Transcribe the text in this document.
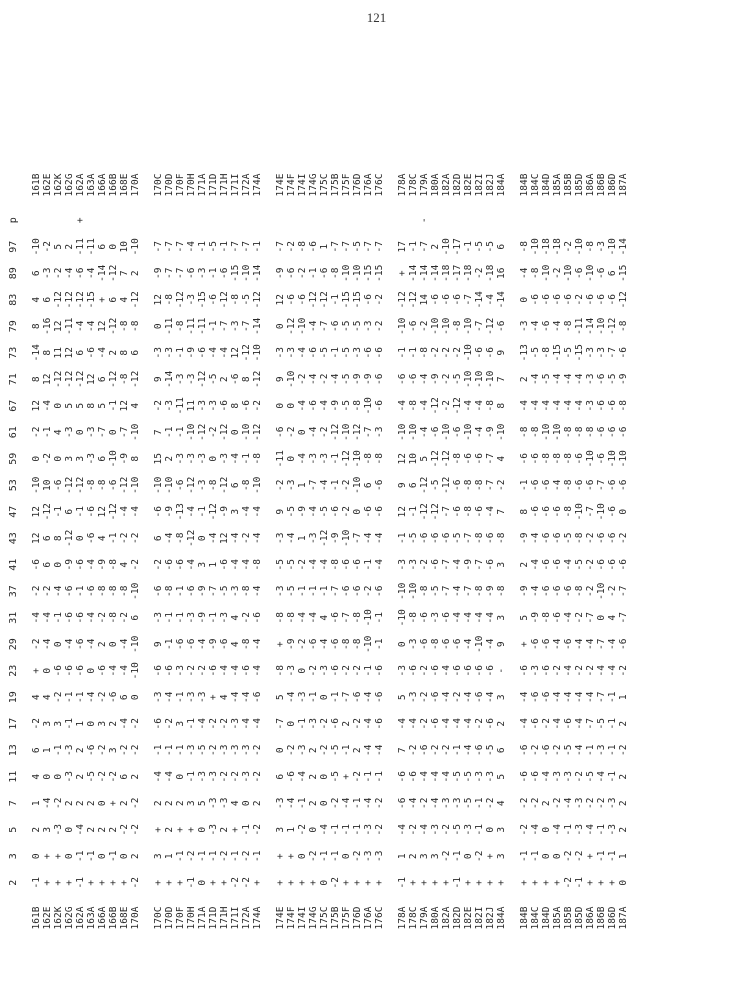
121
2
3
5
7
11
13
17
19
23
29
31
37
41
43
47
53
59
61
67
71
73
79
83
89
97
p
161B
-1
0
2
1
4
6
-2
4
+
-2
-4
-2
-6
12
12
-10
0
-2
12
8
-14
8
4
6
-10
161B
162E
+
+
3
-4
0
1
3
4
0
-4
-4
-2
6
6
-12
10
-2
-1
-4
12
8
-16
6
-3
-2
162E
162K
+
+
-3
-2
0
-1
3
-2
-6
0
-1
-4
0
8
-1
-6
0
4
0
-12
11
12
-12
-2
5
162K
162G
+
0
0
2
-3
-3
-1
-1
-6
-4
-6
-6
-9
-12
6
-12
3
-3
5
-12
12
-11
-12
-4
2
162G
162A
-1
-1
-4
2
2
2
1
-1
-6
-6
-6
-1
-6
0
-1
-12
3
0
5
-12
6
-4
-12
-6
-11
+
162A
163A
+
-1
2
2
-5
-6
0
-4
0
-4
-4
-6
-4
-6
-6
-8
-3
-3
8
12
-6
-4
-15
-4
-11
163A
166A
+
0
2
0
-2
-2
3
-2
-6
2
-2
-8
-9
4
12
-8
6
-7
5
6
-4
12
+
-14
6
166A
166B
+
-1
2
+
-2
3
2
-6
-4
0
-8
-8
-8
-1
-12
-6
-10
0
-1
-12
2
-12
6
-12
0
166B
168E
+
0
-2
2
6
-2
-4
6
-4
-4
-2
-8
4
-2
-4
-12
-9
-7
12
-8
8
-8
4
7
10
168E
170A
-2
2
-2
-2
2
-2
-2
0
-10
-10
6
-10
-2
-2
-4
-10
8
-10
4
-12
6
-8
-12
2
-10
170A
170C
+
3
+
2
-4
-1
-6
-3
-6
9
-3
-6
-2
6
-6
-10
15
7
-2
9
-3
0
12
-9
-7
170C
170D
+
1
2
2
-4
-1
-2
-4
-6
-1
-1
-8
-6
-4
-9
-10
2
-1
-3
-14
-3
-11
-8
-7
-7
170D
170F
+
-1
+
2
0
-1
3
-1
-3
-6
-1
-1
-6
-8
-13
-6
-3
-1
-11
-3
-1
-8
-12
-7
-7
170F
170H
-1
-2
+
3
-1
-3
-1
-3
-2
-6
-3
-6
-4
-12
-4
-12
-3
-10
11
-3
-9
-11
-3
-6
-4
170H
171A
0
-1
0
5
-3
-5
-4
-3
-2
-4
-9
-9
3
0
-1
-3
-3
-12
-3
-12
-6
-11
-15
-3
-1
171A
171D
+
-1
-3
-3
-3
-2
-2
+
-6
-9
-1
-7
1
-4
-12
-8
0
-2
-3
-5
-4
-1
-6
-1
-5
171D
171H
+
-2
2
-3
-2
-3
-2
4
-4
-6
-3
-5
-6
12
-9
-12
-3
-12
-6
2
-4
-7
-12
-6
-1
171H
171I
-2
-1
+
4
-2
-3
-3
-4
-4
4
4
-3
-4
-4
3
6
-4
0
8
-6
12
-3
-8
-15
-7
171I
172A
-2
-2
-1
0
-3
-3
-4
-4
-6
-8
-2
-8
-4
-2
-4
-8
-1
-10
-6
8
-12
-7
-5
-10
-7
172A
174A
+
-1
-2
2
-2
-2
-4
-6
-4
-4
-6
-4
-8
-4
-4
-10
-8
-12
-2
-12
-10
-14
-12
-14
-1
174A
174E
+
+
3
-3
6
0
-7
5
-8
+
-8
-3
-5
-3
9
-2
-11
-6
0
9
-3
0
12
-9
-7
174E
174F
+
+
1
-4
-6
-2
0
-4
-3
-9
-8
-5
-5
-4
-5
-3
0
-2
0
-10
-3
-12
-6
-6
-2
174F
174I
+
0
-2
-1
-4
-3
-1
-3
0
-2
-4
-1
-2
1
-9
1
-4
0
-4
-2
-4
-10
-6
-2
-8
174I
174G
+
-2
0
2
2
2
-3
-1
-2
-6
-4
-1
-4
-3
-4
-7
-3
-4
-6
-4
-6
-4
-12
-1
-6
174G
175C
0
-1
-4
0
0
-2
-2
0
-3
-4
4
-1
-4
-12
-5
-4
-3
-2
-4
-2
-5
-7
-12
-6
1
175C
175B
-2
-1
-1
-2
-5
-5
-6
-1
-6
-6
-6
-7
-8
-9
-6
-1
-1
-12
-9
-4
-1
-6
-1
-8
-7
175B
175F
+
0
-1
-4
+
-1
2
-7
-2
-8
-7
-6
-6
-10
-2
-2
-12
-10
-5
-5
-5
-5
-15
-10
-7
175F
176D
+
-2
-1
-1
-2
2
-2
-6
-2
-8
-8
-6
-6
-7
0
-10
-10
-12
-8
-9
-3
-5
-15
-10
-5
176D
176A
+
-3
-3
-4
-1
-4
-4
-4
-1
-10
-10
-2
-1
-4
-6
6
-8
-7
-10
-9
-6
-3
-6
-15
-7
176A
176C
+
-3
-2
-2
-1
-4
-6
-6
-6
-1
-1
-6
-4
-4
-6
-6
-8
-3
-6
-6
-6
-2
-2
-15
-7
176C
178A
-1
1
-4
-6
-6
7
-4
5
-3
0
-10
-10
-3
-1
12
9
12
-10
-4
-6
-1
-10
-12
+
17
178A
178C
+
2
-2
-4
-6
-2
-4
-3
-6
-3
-8
-10
-3
-5
-1
6
10
-10
-8
-6
-1
-6
-12
-14
-1
178C
179A
+
3
-4
-2
-4
-6
-2
-2
-2
-6
-6
-8
-2
-6
-12
-12
5
-4
-4
-4
-8
-2
14
-14
-7
-
179A
180A
+
3
-3
-4
-4
-2
-6
-6
-6
-8
-3
-5
-6
-6
-12
-5
-12
-6
-12
-9
-2
-10
-6
-14
2
180A
182A
+
-2
-2
-3
-4
-2
-4
-4
-4
-6
-6
-7
-7
-6
-7
-12
-12
-10
-2
-2
-2
-10
-6
-18
-10
182A
182D
-1
-1
-5
-3
-5
-1
-4
-2
-6
-6
-4
-4
-4
-5
-6
-6
-8
-6
-12
-5
-2
-8
-6
-17
-17
182D
182E
+
0
-3
-5
-5
-4
-4
-4
-6
-4
-4
-7
-9
-7
-8
-8
-6
-10
-4
-10
-10
-10
-7
-18
-1
182E
182I
+
-2
-1
-1
-3
-6
-2
-6
-6
-10
-4
-8
-7
-8
-6
-8
-6
-4
-4
-10
-6
-7
-14
-2
-5
182I
182J
+
+
0
-2
-3
-5
-6
-4
-6
-4
-4
-9
-6
-6
-4
-7
-7
-9
-8
-10
-6
-12
-4
-18
-5
182J
184A
+
3
3
4
5
6
2
3
-
9
3
-8
3
-8
7
-2
4
-10
8
7
9
-6
-14
16
6
184A
184B
+
-1
-2
-2
-6
-6
-4
-4
-6
+
5
-9
2
-9
8
-1
-6
-8
-4
2
-13
-3
0
-4
-8
184B
184C
+
-1
-4
-2
-6
-2
-6
-6
-3
-6
-9
-4
-4
-4
-6
-6
-6
-8
-4
-4
-5
-4
-6
-8
-10
184C
184D
+
0
0
2
-4
-6
-2
-6
-6
-6
-8
-6
-6
-6
-6
-6
-8
-10
-4
-5
-8
-6
-6
-10
-18
184D
185A
+
0
-4
-2
-3
-2
-4
-4
-2
-4
-6
-6
-6
-6
-6
-4
-8
-10
-4
-4
-15
-4
-6
-2
-18
185A
185B
-2
-2
-1
-4
-3
-5
-6
-4
-4
-6
-4
-6
-4
-5
-8
-8
-8
-8
-4
-4
-5
-8
-6
-10
-2
185B
185D
-1
-2
-3
-3
-2
-4
-4
-4
-2
-4
-2
-8
-5
-8
-10
-6
-6
-8
-4
-4
-15
-11
-2
-6
-10
185D
186A
+
+
-4
-2
-5
-1
-7
-4
-2
-4
-7
-2
-2
-2
-7
-6
-10
-8
-3
-3
-3
-14
-6
-10
-8
186A
186B
+
-1
-1
-2
-4
-3
-5
-7
-4
-7
0
-10
-6
-6
-10
-7
-6
-6
-6
-6
-3
-10
-6
-6
-3
186B
186D
+
-1
-3
-3
-1
-1
-1
-1
-4
-4
4
-2
-6
-6
-6
-6
-10
-6
-6
-5
-7
-12
-6
6
-10
186D
187A
0
1
2
2
2
-2
2
1
-2
-6
-7
-7
-6
-2
0
-6
-10
-6
-8
-9
-6
-8
-12
-15
-14
187A
